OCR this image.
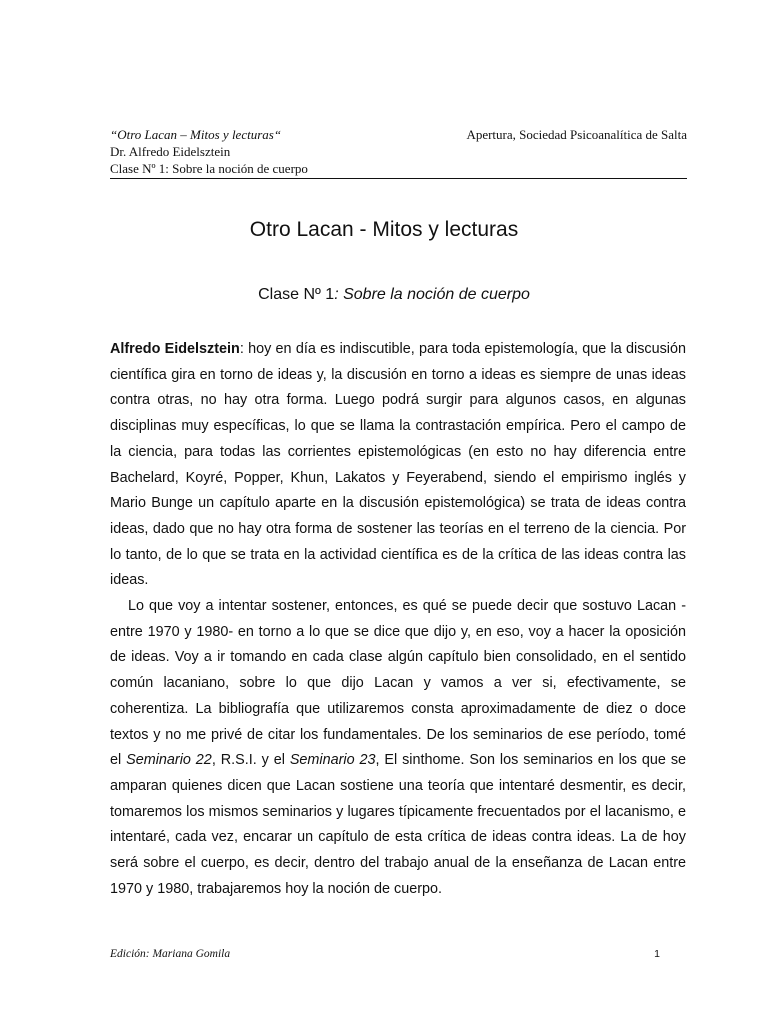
“Otro Lacan – Mitos y lecturas“	Apertura, Sociedad Psicoanalítica de Salta
Dr. Alfredo Eidelsztein
Clase Nº 1: Sobre la noción de cuerpo
Otro Lacan - Mitos y lecturas
Clase Nº 1: Sobre la noción de cuerpo

Alfredo Eidelsztein: hoy en día es indiscutible, para toda epistemología, que la discusión científica gira en torno de ideas y, la discusión en torno a ideas es siempre de unas ideas contra otras, no hay otra forma. Luego podrá surgir para algunos casos, en algunas disciplinas muy específicas, lo que se llama la contrastación empírica. Pero el campo de la ciencia, para todas las corrientes epistemológicas (en esto no hay diferencia entre Bachelard, Koyré, Popper, Khun, Lakatos y Feyerabend, siendo el empirismo inglés y Mario Bunge un capítulo aparte en la discusión epistemológica) se trata de ideas contra ideas, dado que no hay otra forma de sostener las teorías en el terreno de la ciencia. Por lo tanto, de lo que se trata en la actividad científica es de la crítica de las ideas contra las ideas.

Lo que voy a intentar sostener, entonces, es qué se puede decir que sostuvo Lacan -entre 1970 y 1980- en torno a lo que se dice que dijo y, en eso, voy a hacer la oposición de ideas. Voy a ir tomando en cada clase algún capítulo bien consolidado, en el sentido común lacaniano, sobre lo que dijo Lacan y vamos a ver si, efectivamente, se coherentiza. La bibliografía que utilizaremos consta aproximadamente de diez o doce textos y no me privé de citar los fundamentales. De los seminarios de ese período, tomé el Seminario 22, R.S.I. y el Seminario 23, El sinthome. Son los seminarios en los que se amparan quienes dicen que Lacan sostiene una teoría que intentaré desmentir, es decir, tomaremos los mismos seminarios y lugares típicamente frecuentados por el lacanismo, e intentaré, cada vez, encarar un capítulo de esta crítica de ideas contra ideas. La de hoy será sobre el cuerpo, es decir, dentro del trabajo anual de la enseñanza de Lacan entre 1970 y 1980, trabajaremos hoy la noción de cuerpo.

Edición: Mariana Gomila	1
